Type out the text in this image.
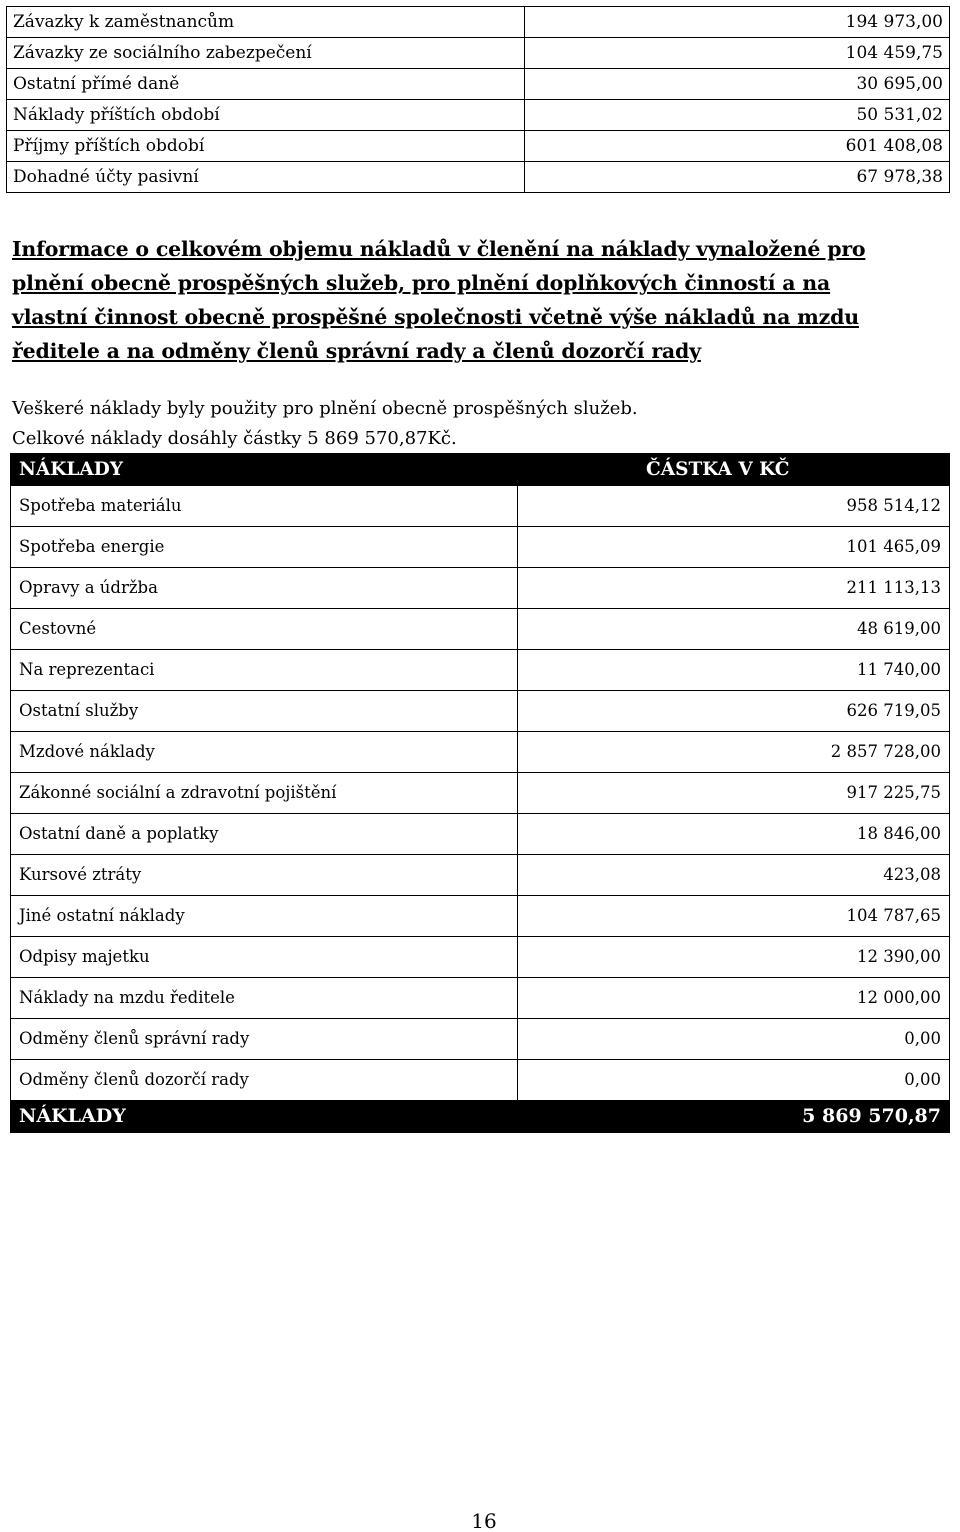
Závazky k zaměstnancům	194 973,00
Závazky ze sociálního zabezpečení	104 459,75
Ostatní přímé daně	30 695,00
Náklady příštích období	50 531,02
Příjmy příštích období	601 408,08
Dohadné účty pasivní	67 978,38
Informace o celkovém objemu nákladů v členění na náklady vynaložené pro
plnění obecně prospěšných služeb, pro plnění doplňkových činností a na
vlastní činnost obecně prospěšné společnosti včetně výše nákladů na mzdu
ředitele a na odměny členů správní rady a členů dozorčí rady
Veškeré náklady byly použity pro plnění obecně prospěšných služeb.
Celkové náklady dosáhly částky 5 869 570,87Kč.
NÁKLADY	ČÁSTKA V KČ
Spotřeba materiálu	958 514,12
Spotřeba energie	101 465,09
Opravy a údržba	211 113,13
Cestovné	48 619,00
Na reprezentaci	11 740,00
Ostatní služby	626 719,05
Mzdové náklady	2 857 728,00
Zákonné sociální a zdravotní pojištění	917 225,75
Ostatní daně a poplatky	18 846,00
Kursové ztráty	423,08
Jiné ostatní náklady	104 787,65
Odpisy majetku	12 390,00
Náklady na mzdu ředitele	12 000,00
Odměny členů správní rady	0,00
Odměny členů dozorčí rady	0,00
NÁKLADY	5 869 570,87
16
